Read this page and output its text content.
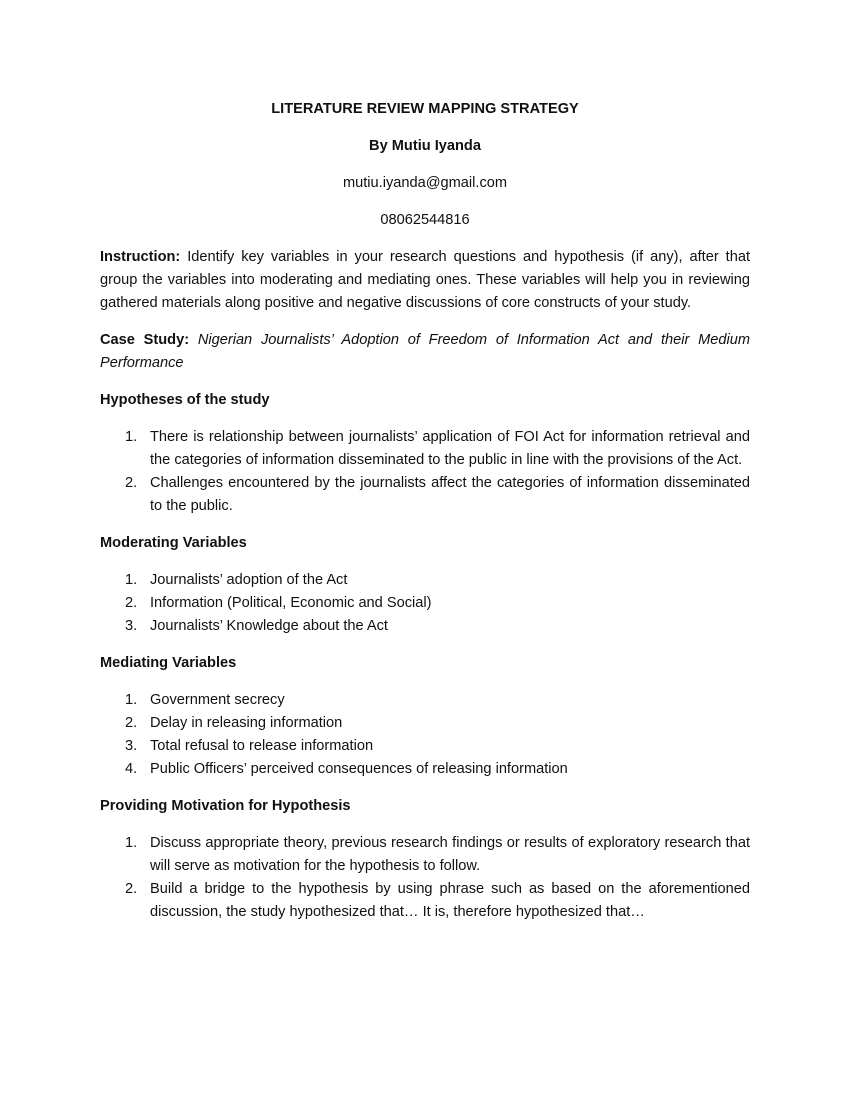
LITERATURE REVIEW MAPPING STRATEGY
By Mutiu Iyanda
mutiu.iyanda@gmail.com
08062544816

Instruction: Identify key variables in your research questions and hypothesis (if any), after that group the variables into moderating and mediating ones. These variables will help you in reviewing gathered materials along positive and negative discussions of core constructs of your study.

Case Study: Nigerian Journalists’ Adoption of Freedom of Information Act and their Medium Performance

Hypotheses of the study
1. There is relationship between journalists’ application of FOI Act for information retrieval and the categories of information disseminated to the public in line with the provisions of the Act.
2. Challenges encountered by the journalists affect the categories of information disseminated to the public.
Moderating Variables
1. Journalists’ adoption of the Act
2. Information (Political, Economic and Social)
3. Journalists’ Knowledge about the Act
Mediating Variables
1. Government secrecy
2. Delay in releasing information
3. Total refusal to release information
4. Public Officers’ perceived consequences of releasing information
Providing Motivation for Hypothesis
1. Discuss appropriate theory, previous research findings or results of exploratory research that will serve as motivation for the hypothesis to follow.
2. Build a bridge to the hypothesis by using phrase such as based on the aforementioned discussion, the study hypothesized that… It is, therefore hypothesized that…
